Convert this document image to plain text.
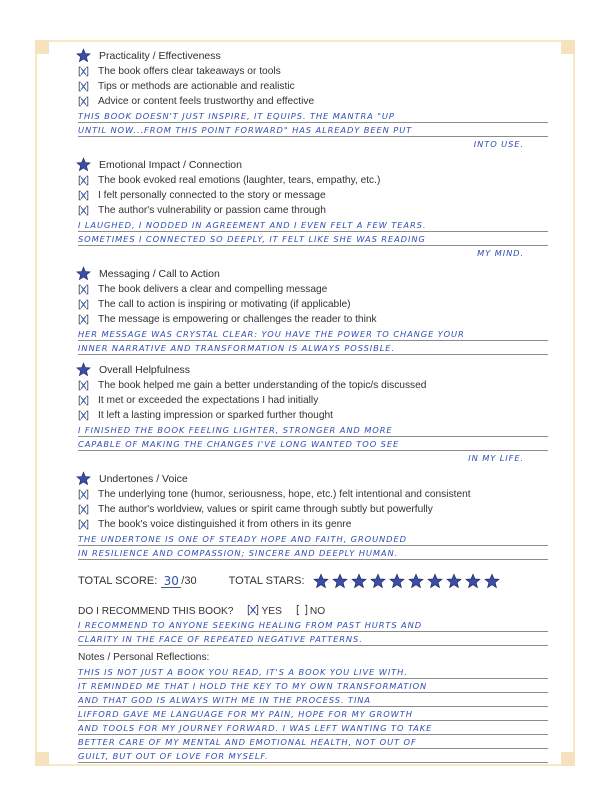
Practicality / Effectiveness
The book offers clear takeaways or tools
Tips or methods are actionable and realistic
Advice or content feels trustworthy and effective
THIS BOOK DOESN'T JUST INSPIRE, IT EQUIPS. THE MANTRA "UP
UNTIL NOW...FROM THIS POINT FORWARD" HAS ALREADY BEEN PUT
INTO USE.
Emotional Impact / Connection
The book evoked real emotions (laughter, tears, empathy, etc.)
I felt personally connected to the story or message
The author's vulnerability or passion came through
I LAUGHED, I NODDED IN AGREEMENT AND I EVEN FELT A FEW TEARS.
SOMETIMES I CONNECTED SO DEEPLY, IT FELT LIKE SHE WAS READING
MY MIND.
Messaging / Call to Action
The book delivers a clear and compelling message
The call to action is inspiring or motivating (if applicable)
The message is empowering or challenges the reader to think
HER MESSAGE WAS CRYSTAL CLEAR: YOU HAVE THE POWER TO CHANGE YOUR
INNER NARRATIVE AND TRANSFORMATION IS ALWAYS POSSIBLE.
Overall Helpfulness
The book helped me gain a better understanding of the topic/s discussed
It met or exceeded the expectations I had initially
It left a lasting impression or sparked further thought
I FINISHED THE BOOK FEELING LIGHTER, STRONGER AND MORE
CAPABLE OF MAKING THE CHANGES I'VE LONG WANTED TOO SEE
IN MY LIFE.
Undertones / Voice
The underlying tone (humor, seriousness, hope, etc.) felt intentional and consistent
The author's worldview, values or spirit came through subtly but powerfully
The book's voice distinguished it from others in its genre
THE UNDERTONE IS ONE OF STEADY HOPE AND FAITH, GROUNDED
IN RESILIENCE AND COMPASSION; SINCERE AND DEEPLY HUMAN.
TOTAL SCORE: 30 /30	TOTAL STARS:
DO I RECOMMEND THIS BOOK?	YES	NO
I RECOMMEND TO ANYONE SEEKING HEALING FROM PAST HURTS AND
CLARITY IN THE FACE OF REPEATED NEGATIVE PATTERNS.
Notes / Personal Reflections:
THIS IS NOT JUST A BOOK YOU READ, IT'S A BOOK YOU LIVE WITH.
IT REMINDED ME THAT I HOLD THE KEY TO MY OWN TRANSFORMATION
AND THAT GOD IS ALWAYS WITH ME IN THE PROCESS. TINA
LIFFORD GAVE ME LANGUAGE FOR MY PAIN, HOPE FOR MY GROWTH
AND TOOLS FOR MY JOURNEY FORWARD. I WAS LEFT WANTING TO TAKE
BETTER CARE OF MY MENTAL AND EMOTIONAL HEALTH, NOT OUT OF
GUILT, BUT OUT OF LOVE FOR MYSELF.
